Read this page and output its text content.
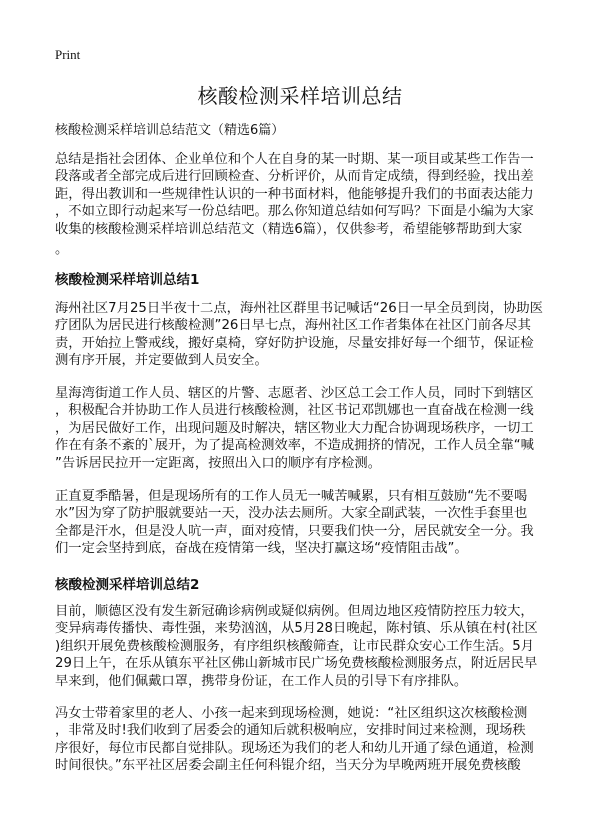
Print
核酸检测采样培训总结
核酸检测采样培训总结范文（精选6篇）
总结是指社会团体、企业单位和个人在自身的某一时期、某一项目或某些工作告一
段落或者全部完成后进行回顾检查、分析评价，从而肯定成绩，得到经验，找出差
距，得出教训和一些规律性认识的一种书面材料，他能够提升我们的书面表达能力
，不如立即行动起来写一份总结吧。那么你知道总结如何写吗？下面是小编为大家
收集的核酸检测采样培训总结范文（精选6篇），仅供参考，希望能够帮助到大家
。
核酸检测采样培训总结1
海州社区7月25日半夜十二点，海州社区群里书记喊话“26日一早全员到岗，协助医
疗团队为居民进行核酸检测”26日早七点，海州社区工作者集体在社区门前各尽其
责，开始拉上警戒线，搬好桌椅，穿好防护设施，尽量安排好每一个细节，保证检
测有序开展，并定要做到人员安全。
星海湾街道工作人员、辖区的片警、志愿者、沙区总工会工作人员，同时下到辖区
，积极配合并协助工作人员进行核酸检测，社区书记邓凯娜也一直奋战在检测一线
，为居民做好工作，出现问题及时解决，辖区物业大力配合协调现场秩序，一切工
作在有条不紊的`展开，为了提高检测效率，不造成拥挤的情况，工作人员全靠“喊
”告诉居民拉开一定距离，按照出入口的顺序有序检测。
正直夏季酷暑，但是现场所有的工作人员无一喊苦喊累，只有相互鼓励“先不要喝
水”因为穿了防护服就要站一天，没办法去厕所。大家全副武装，一次性手套里也
全都是汗水，但是没人吭一声，面对疫情，只要我们快一分，居民就安全一分。我
们一定会坚持到底，奋战在疫情第一线，坚决打赢这场“疫情阻击战”。
核酸检测采样培训总结2
目前，顺德区没有发生新冠确诊病例或疑似病例。但周边地区疫情防控压力较大，
变异病毒传播快、毒性强，来势汹汹，从5月28日晚起，陈村镇、乐从镇在村(社区
)组织开展免费核酸检测服务，有序组织核酸筛查，让市民群众安心工作生活。5月
29日上午，在乐从镇东平社区佛山新城市民广场免费核酸检测服务点，附近居民早
早来到，他们佩戴口罩，携带身份证，在工作人员的引导下有序排队。
冯女士带着家里的老人、小孩一起来到现场检测，她说：“社区组织这次核酸检测
，非常及时!我们收到了居委会的通知后就积极响应，安排时间过来检测，现场秩
序很好，每位市民都自觉排队。现场还为我们的老人和幼儿开通了绿色通道，检测
时间很快。”东平社区居委会副主任何科锟介绍，当天分为早晚两班开展免费核酸
